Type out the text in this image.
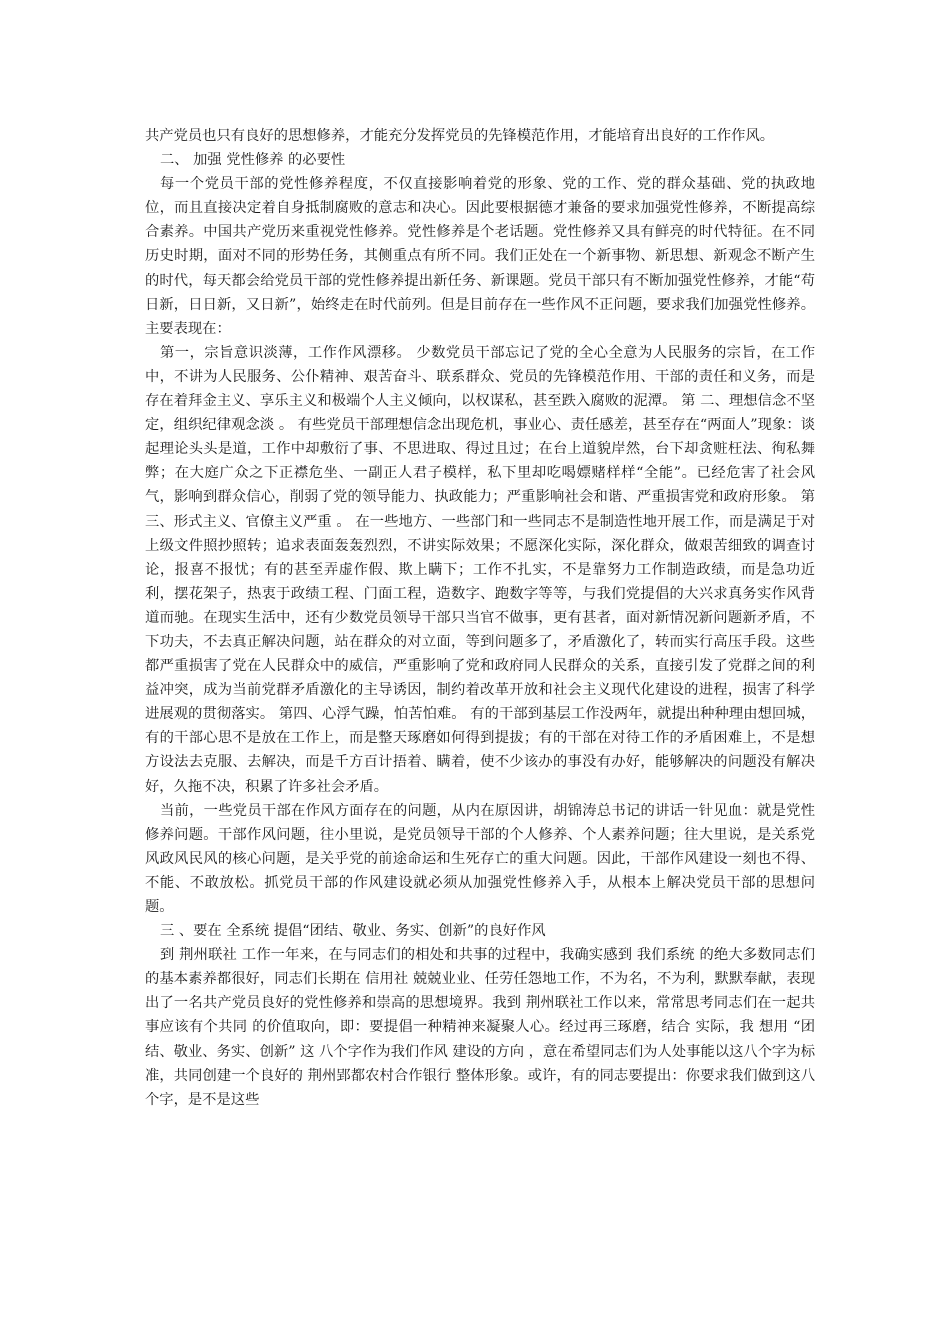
共产党员也只有良好的思想修养，才能充分发挥党员的先锋模范作用，才能培育出良好的工作作风。

二、 加强 党性修养 的必要性

每一个党员干部的党性修养程度，不仅直接影响着党的形象、党的工作、党的群众基础、党的执政地位，而且直接决定着自身抵制腐败的意志和决心。因此要根据德才兼备的要求加强党性修养，不断提高综合素养。中国共产党历来重视党性修养。党性修养是个老话题。党性修养又具有鲜亮的时代特征。在不同历史时期，面对不同的形势任务，其侧重点有所不同。我们正处在一个新事物、新思想、新观念不断产生的时代，每天都会给党员干部的党性修养提出新任务、新课题。党员干部只有不断加强党性修养，才能“苟日新，日日新，又日新”，始终走在时代前列。但是目前存在一些作风不正问题，要求我们加强党性修养。主要表现在：

第一，宗旨意识淡薄，工作作风漂移。 少数党员干部忘记了党的全心全意为人民服务的宗旨，在工作中，不讲为人民服务、公仆精神、艰苦奋斗、联系群众、党员的先锋模范作用、干部的责任和义务，而是存在着拜金主义、享乐主义和极端个人主义倾向，以权谋私，甚至跌入腐败的泥潭。 第 二、理想信念不坚定，组织纪律观念淡 。 有些党员干部理想信念出现危机，事业心、责任感差，甚至存在“两面人”现象：谈起理论头头是道，工作中却敷衍了事、不思进取、得过且过；在台上道貌岸然，台下却贪赃枉法、徇私舞弊；在大庭广众之下正襟危坐、一副正人君子模样，私下里却吃喝嫖赌样样“全能”。已经危害了社会风气，影响到群众信心，削弱了党的领导能力、执政能力；严重影响社会和谐、严重损害党和政府形象。 第三、形式主义、官僚主义严重 。 在一些地方、一些部门和一些同志不是制造性地开展工作，而是满足于对上级文件照抄照转；追求表面轰轰烈烈，不讲实际效果；不愿深化实际，深化群众，做艰苦细致的调查讨论，报喜不报忧；有的甚至弄虚作假、欺上瞒下；工作不扎实，不是靠努力工作制造政绩，而是急功近利，摆花架子，热衷于政绩工程、门面工程，造数字、跑数字等等，与我们党提倡的大兴求真务实作风背道而驰。在现实生活中，还有少数党员领导干部只当官不做事，更有甚者，面对新情况新问题新矛盾，不下功夫，不去真正解决问题，站在群众的对立面，等到问题多了，矛盾激化了，转而实行高压手段。这些都严重损害了党在人民群众中的威信，严重影响了党和政府同人民群众的关系，直接引发了党群之间的利益冲突，成为当前党群矛盾激化的主导诱因，制约着改革开放和社会主义现代化建设的进程，损害了科学进展观的贯彻落实。 第四、心浮气躁，怕苦怕难。 有的干部到基层工作没两年，就提出种种理由想回城，有的干部心思不是放在工作上，而是整天琢磨如何得到提拔；有的干部在对待工作的矛盾困难上，不是想方设法去克服、去解决，而是千方百计捂着、瞒着，使不少该办的事没有办好，能够解决的问题没有解决好，久拖不决，积累了许多社会矛盾。

当前，一些党员干部在作风方面存在的问题，从内在原因讲，胡锦涛总书记的讲话一针见血：就是党性修养问题。干部作风问题，往小里说，是党员领导干部的个人修养、个人素养问题；往大里说，是关系党风政风民风的核心问题，是关乎党的前途命运和生死存亡的重大问题。因此，干部作风建设一刻也不得、不能、不敢放松。抓党员干部的作风建设就必须从加强党性修养入手，从根本上解决党员干部的思想问题。

三 、要在 全系统 提倡“团结、敬业、务实、创新”的良好作风

到 荆州联社 工作一年来，在与同志们的相处和共事的过程中，我确实感到 我们系统 的绝大多数同志们的基本素养都很好，同志们长期在 信用社 兢兢业业、任劳任怨地工作，不为名，不为利，默默奉献，表现出了一名共产党员良好的党性修养和崇高的思想境界。我到 荆州联社工作以来，常常思考同志们在一起共事应该有个共同 的价值取向，即：要提倡一种精神来凝聚人心。经过再三琢磨，结合 实际，我 想用 “团结、敬业、务实、创新” 这 八个字作为我们作风 建设的方向 ，意在希望同志们为人处事能以这八个字为标准，共同创建一个良好的 荆州郢都农村合作银行 整体形象。或许，有的同志要提出：你要求我们做到这八个字，是不是这些
